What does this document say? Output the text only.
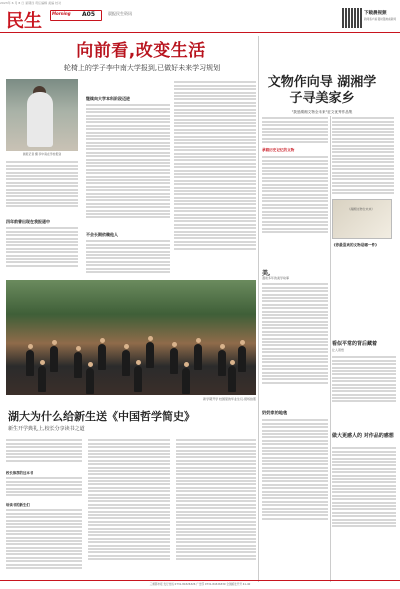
2023年 6 月 8 日 星期四 责任编辑 美编 校对
民生	Morning A05	晨报民生资讯	下载晨视频
新闻客户端 随时随地看新闻
向前看,改变生活
轮椅上的学子李中南大学报到,已做好未来学习规划
晨报记者 摄 李中南在学校报到
四年前曾出现在我报道中
继续向大学本科阶段迈进
不会长期依赖他人
新学期开学 校园里的毕业生们,现场拍照
湖大为什么给新生送《中国哲学简史》
新生开学典礼上,校长分享读书之道
校长推荐的这本书
给读书的新生们
文物作向导 湖湘学子寻美家乡
"我爱湖湘文物全未来"征文优秀作品集
承载历史记忆的文物
《湖湘文物全未来》
《你最喜欢的文物是哪一件》
美,
漫谈多年的美学故事
看似平常的背后藏着
让人领悟
奶奶家的地毯
做大更感人的 对作品的感想
三湘都市报 发行热线 0731-84326326 广告部 0731-84326339 全国邮发代号 41-40
